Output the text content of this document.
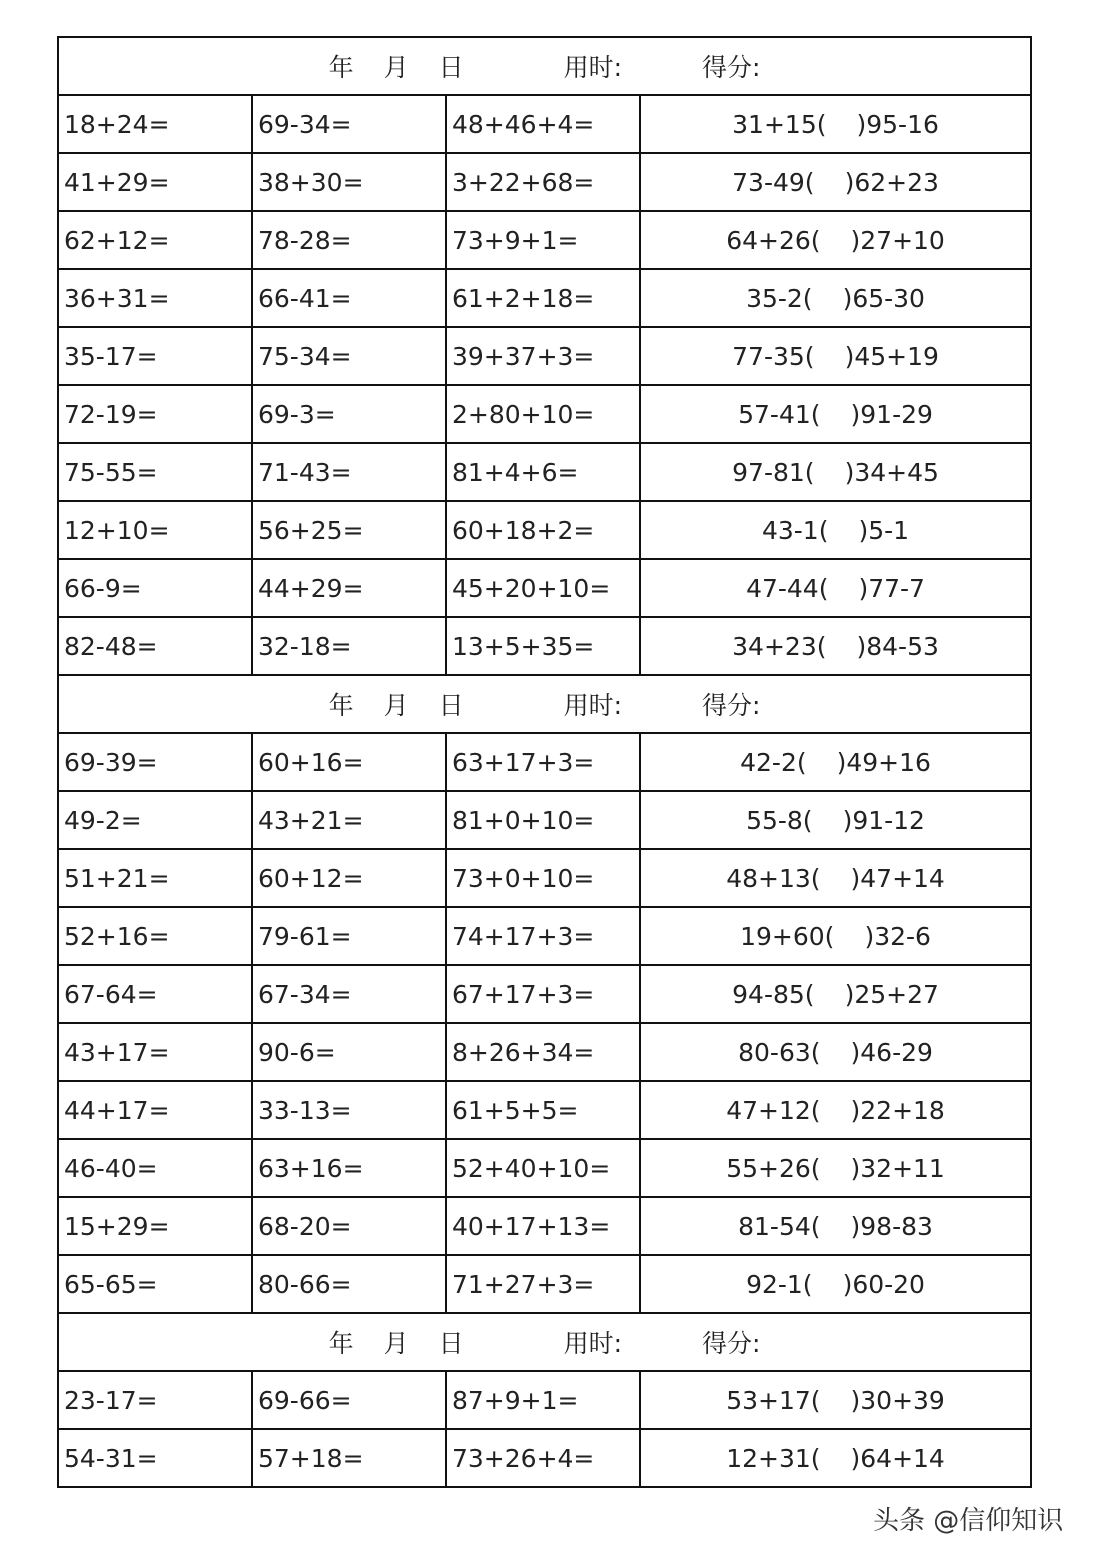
年 月 日 用时: 得分:			
18+24=	69-34=	48+46+4=	31+15( )95-16
41+29=	38+30=	3+22+68=	73-49( )62+23
62+12=	78-28=	73+9+1=	64+26( )27+10
36+31=	66-41=	61+2+18=	35-2( )65-30
35-17=	75-34=	39+37+3=	77-35( )45+19
72-19=	69-3=	2+80+10=	57-41( )91-29
75-55=	71-43=	81+4+6=	97-81( )34+45
12+10=	56+25=	60+18+2=	43-1( )5-1
66-9=	44+29=	45+20+10=	47-44( )77-7
82-48=	32-18=	13+5+35=	34+23( )84-53
年 月 日 用时: 得分:			
69-39=	60+16=	63+17+3=	42-2( )49+16
49-2=	43+21=	81+0+10=	55-8( )91-12
51+21=	60+12=	73+0+10=	48+13( )47+14
52+16=	79-61=	74+17+3=	19+60( )32-6
67-64=	67-34=	67+17+3=	94-85( )25+27
43+17=	90-6=	8+26+34=	80-63( )46-29
44+17=	33-13=	61+5+5=	47+12( )22+18
46-40=	63+16=	52+40+10=	55+26( )32+11
15+29=	68-20=	40+17+13=	81-54( )98-83
65-65=	80-66=	71+27+3=	92-1( )60-20
年 月 日 用时: 得分:			
23-17=	69-66=	87+9+1=	53+17( )30+39
54-31=	57+18=	73+26+4=	12+31( )64+14
头条 @信仰知识
